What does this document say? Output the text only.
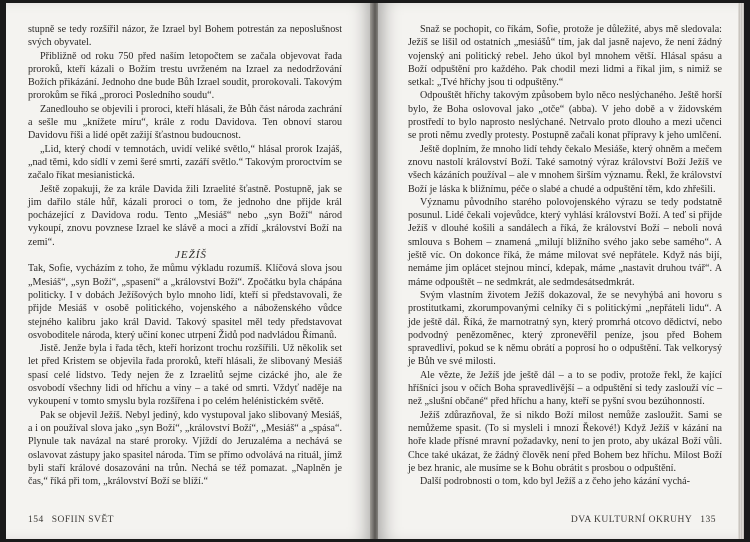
stupně se tedy rozšířil názor, že Izrael byl Bohem potrestán za neposlušnost svých obyvatel.

Přibližně od roku 750 před naším letopočtem se začala objevovat řada proroků, kteří kázali o Božím trestu uvrženém na Izrael za nedodržování Božích přikázání. Jednoho dne bude Bůh Izrael soudit, prorokovali. Takovým prorokům se říká „proroci Posledního soudu“.

Zanedlouho se objevili i proroci, kteří hlásali, že Bůh část národa zachrání a sešle mu „knížete míru“, krále z rodu Davidova. Ten obnoví starou Davidovu říši a lidé opět zažijí šťastnou budoucnost.

„Lid, který chodí v temnotách, uvidí veliké světlo,“ hlásal prorok Izajáš, „nad těmi, kdo sídlí v zemi šeré smrti, zazáří světlo.“ Takovým proroctvím se začalo říkat mesianistická.

Ještě zopakuji, že za krále Davida žili Izraelité šťastně. Postupně, jak se jim dařilo stále hůř, kázali proroci o tom, že jednoho dne přijde král pocházející z Davidova rodu. Tento „Mesiáš“ nebo „syn Boží“ národ vykoupí, znovu povznese Izrael ke slávě a moci a zřídí „království Boží na zemi“.

JEŽÍŠ

Tak, Sofie, vycházím z toho, že můmu výkladu rozumíš. Klíčová slova jsou „Mesiáš“, „syn Boží“, „spasení“ a „království Boží“. Zpočátku byla chápána politicky. I v dobách Ježíšových bylo mnoho lidí, kteří si představovali, že přijde Mesiáš v osobě politického, vojenského a náboženského vůdce stejného kalibru jako král David. Takový spasitel měl tedy představovat osvoboditele národa, který učiní konec utrpení Židů pod nadvládou Římanů.

Jistě. Jenže byla i řada těch, kteří horizont trochu rozšířili. Už několik set let před Kristem se objevila řada proroků, kteří hlásali, že slibovaný Mesiáš spasí celé lidstvo. Tedy nejen že z Izraelitů sejme cizácké jho, ale že osvobodí všechny lidi od hříchu a viny – a také od smrti. Vždyť naděje na vykoupení v tomto smyslu byla rozšířena i po celém helénistickém světě.

Pak se objevil Ježíš. Nebyl jediný, kdo vystupoval jako slibovaný Mesiáš, a i on používal slova jako „syn Boží“, „království Boží“, „Mesiáš“ a „spása“. Plynule tak navázal na staré proroky. Vjíždí do Jeruzaléma a nechává se oslavovat zástupy jako spasitel národa. Tím se přímo odvolává na rituál, jímž byli staří králové dosazováni na trůn. Nechá se též pomazat. „Naplněn je čas,“ říká při tom, „království Boží se blíží.“

154 SOFIIN SVĚT

Snaž se pochopit, co říkám, Sofie, protože je důležité, abys mě sledovala: Ježíš se lišil od ostatních „mesiášů“ tím, jak dal jasně najevo, že není žádný vojenský ani politický rebel. Jeho úkol byl mnohem větší. Hlásal spásu a Boží odpuštění pro každého. Pak chodil mezi lidmi a říkal jim, s nimiž se setkal: „Tvé hříchy jsou ti odpuštěny.“

Odpouštět hříchy takovým způsobem bylo něco neslýchaného. Ještě horší bylo, že Boha oslovoval jako „otče“ (abba). V jeho době a v židovském prostředí to bylo naprosto neslýchané. Netrvalo proto dlouho a mezi učenci se proti němu zvedly protesty. Postupně začali konat přípravy k jeho umlčení.

Ještě doplním, že mnoho lidí tehdy čekalo Mesiáše, který ohněm a mečem znovu nastolí království Boží. Také samotný výraz království Boží Ježíš ve všech kázáních používal – ale v mnohem širším významu. Řekl, že království Boží je láska k bližnímu, péče o slabé a chudé a odpuštění těm, kdo zhřešili.

Významu původního starého polovojenského výrazu se tedy podstatně posunul. Lidé čekali vojevůdce, který vyhlásí království Boží. A teď si přijde Ježíš v dlouhé košili a sandálech a říká, že království Boží – neboli nová smlouva s Bohem – znamená „milují bližního svého jako sebe samého“. A ještě víc. On dokonce říká, že máme milovat své nepřátele. Když nás bijí, nemáme jim oplácet stejnou mincí, kdepak, máme „nastavit druhou tvář“. A máme odpouštět – ne sedmkrát, ale sedmdesátsedmkrát.

Svým vlastním životem Ježíš dokazoval, že se nevyhýbá ani hovoru s prostitutkami, zkorumpovanými celníky či s politickými „nepřáteli lidu“. A jde ještě dál. Říká, že marnotratný syn, který promrhá otcovo dědictví, nebo podvodný penězoměnec, který zpronevěřil peníze, jsou před Bohem spravedliví, pokud se k němu obrátí a poprosí ho o odpuštění. Tak velkorysý je Bůh ve své milosti.

Ale vězte, že Ježíš jde ještě dál – a to se podiv, protože řekl, že kající hříšníci jsou v očích Boha spravedlivější – a odpuštění si tedy zaslouží víc – než „slušní občané“ před hříchu a hany, kteří se pyšní svou bezúhonností.

Ježíš zdůrazňoval, že si nikdo Boží milost nemůže zasloužit. Sami se nemůžeme spasit. (To si mysleli i mnozí Řekové!) Když Ježíš v kázání na hoře klade přísné mravní požadavky, není to jen proto, aby ukázal Boží vůli. Chce také ukázat, že žádný člověk není před Bohem bez hříchu. Milost Boží je bez hranic, ale musíme se k Bohu obrátit s prosbou o odpuštění.

Další podrobnosti o tom, kdo byl Ježíš a z čeho jeho kázání vychá-

DVA KULTURNÍ OKRUHY 135
